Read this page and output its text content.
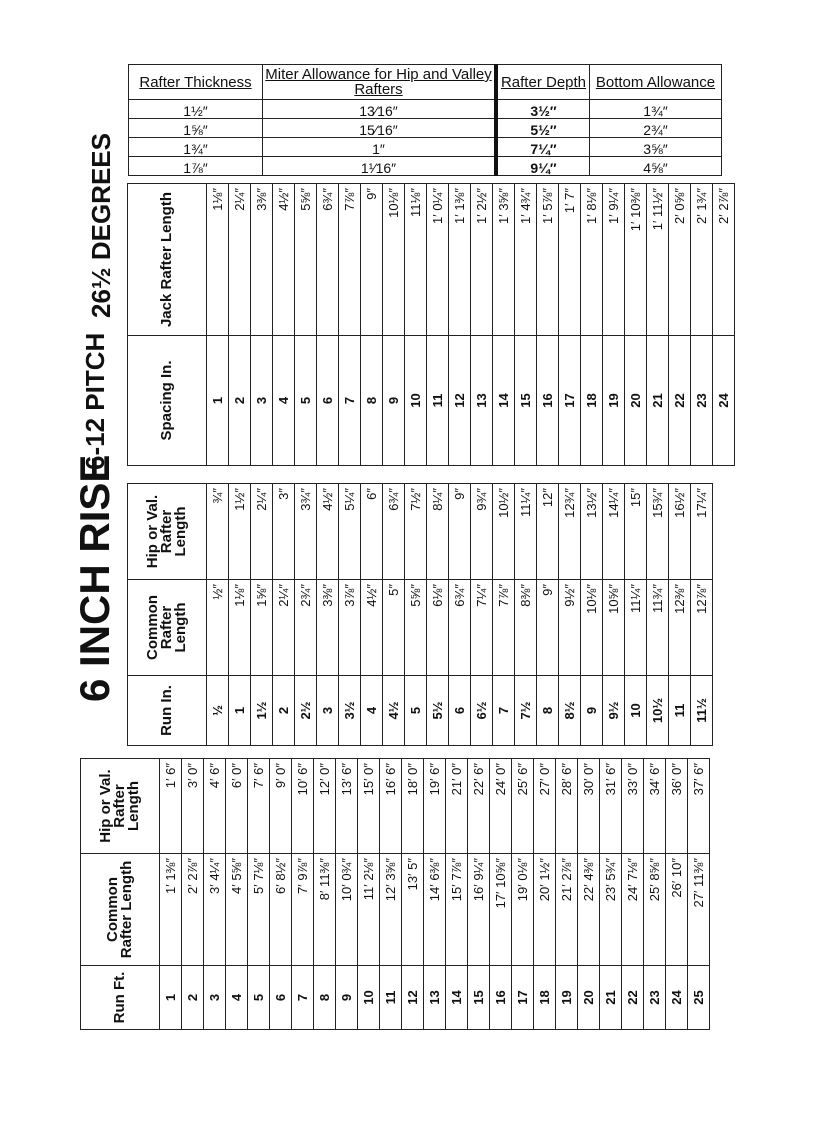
6 INCH RISE
6-12 PITCH
26½ DEGREES
Rafter Thickness	Miter Allowance for Hip and Valley Rafters	Rafter Depth	Bottom Allowance
1½″	13⁄16″	3½″	1¾″
1⅝″	15⁄16″	5½″	2¾″
1¾″	1″	7¼″	3⅝″
1⅞″	1¹⁄16″	9¼″	4⅝″
Spacing In.	Jack Rafter Length
1	1⅛″
2	2¼″
3	3⅜″
4	4½″
5	5⅝″
6	6¾″
7	7⅞″
8	9″
9	10⅛″
10	11⅛″
11	1′ 0¼″
12	1′ 1⅜″
13	1′ 2½″
14	1′ 3⅝″
15	1′ 4¾″
16	1′ 5⅞″
17	1′ 7″
18	1′ 8⅛″
19	1′ 9¼″
20	1′ 10⅜″
21	1′ 11½″
22	2′ 0⅝″
23	2′ 1¾″
24	2′ 2⅞″
Run In.	Common Rafter Length	Hip or Val. Rafter Length
½	½″	¾″
1	1⅛″	1½″
1½	1⅝″	2¼″
2	2¼″	3″
2½	2¾″	3¾″
3	3⅜″	4½″
3½	3⅞″	5¼″
4	4½″	6″
4½	5″	6¾″
5	5⅝″	7½″
5½	6⅛″	8¼″
6	6¾″	9″
6½	7¼″	9¾″
7	7⅞″	10½″
7½	8⅜″	11¼″
8	9″	12″
8½	9½″	12¾″
9	10⅛″	13½″
9½	10⅝″	14¼″
10	11¼″	15″
10½	11¾″	15¾″
11	12⅜″	16½″
11½	12⅞″	17¼″
Run Ft.	Common Rafter Length	Hip or Val. Rafter Length
1	1′ 1⅜″	1′ 6″
2	2′ 2⅞″	3′ 0″
3	3′ 4¼″	4′ 6″
4	4′ 5⅝″	6′ 0″
5	5′ 7⅛″	7′ 6″
6	6′ 8½″	9′ 0″
7	7′ 9⅞″	10′ 6″
8	8′ 11⅜″	12′ 0″
9	10′ 0¾″	13′ 6″
10	11′ 2⅛″	15′ 0″
11	12′ 3⅝″	16′ 6″
12	13′ 5″	18′ 0″
13	14′ 6⅜″	19′ 6″
14	15′ 7⅞″	21′ 0″
15	16′ 9¼″	22′ 6″
16	17′ 10⅝″	24′ 0″
17	19′ 0⅛″	25′ 6″
18	20′ 1½″	27′ 0″
19	21′ 2⅞″	28′ 6″
20	22′ 4⅜″	30′ 0″
21	23′ 5¾″	31′ 6″
22	24′ 7⅛″	33′ 0″
23	25′ 8⅝″	34′ 6″
24	26′ 10″	36′ 0″
25	27′ 11⅜″	37′ 6″
